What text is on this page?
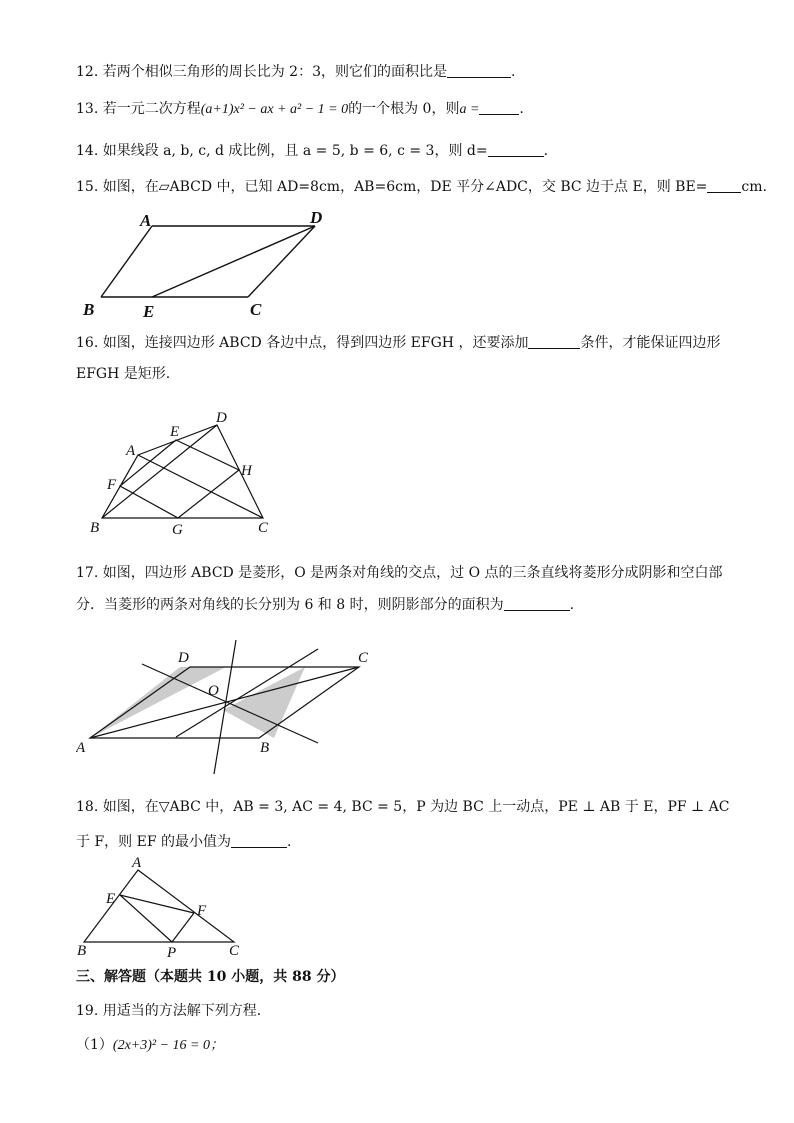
12. 若两个相似三角形的周长比为 2：3，则它们的面积比是	.
13. 若一元二次方程(a+1)x² − ax + a² − 1 = 0的一个根为 0，则a =	.
14. 如果线段 a, b, c, d 成比例，且 a = 5, b = 6, c = 3，则 d=	.
15. 如图，在▱ABCD 中，已知 AD=8cm，AB=6cm，DE 平分∠ADC，交 BC 边于点 E，则 BE= cm.
A	D
B	E	C
16. 如图，连接四边形 ABCD 各边中点，得到四边形 EFGH ，还要添加	条件，才能保证四边形
EFGH 是矩形.
A
E
D
H
F
B	G	C
17. 如图，四边形 ABCD 是菱形，O 是两条对角线的交点，过 O 点的三条直线将菱形分成阴影和空白部
分．当菱形的两条对角线的长分别为 6 和 8 时，则阴影部分的面积为	.
D	C
O
A	B
18. 如图，在▽ABC 中，AB = 3, AC = 4, BC = 5，P 为边 BC 上一动点，PE ⊥ AB 于 E，PF ⊥ AC
于 F，则 EF 的最小值为	.
A
E
F
B	P	C
三、解答题（本题共 10 小题，共 88 分）
19. 用适当的方法解下列方程．
（1）(2x+3)² − 16 = 0；
